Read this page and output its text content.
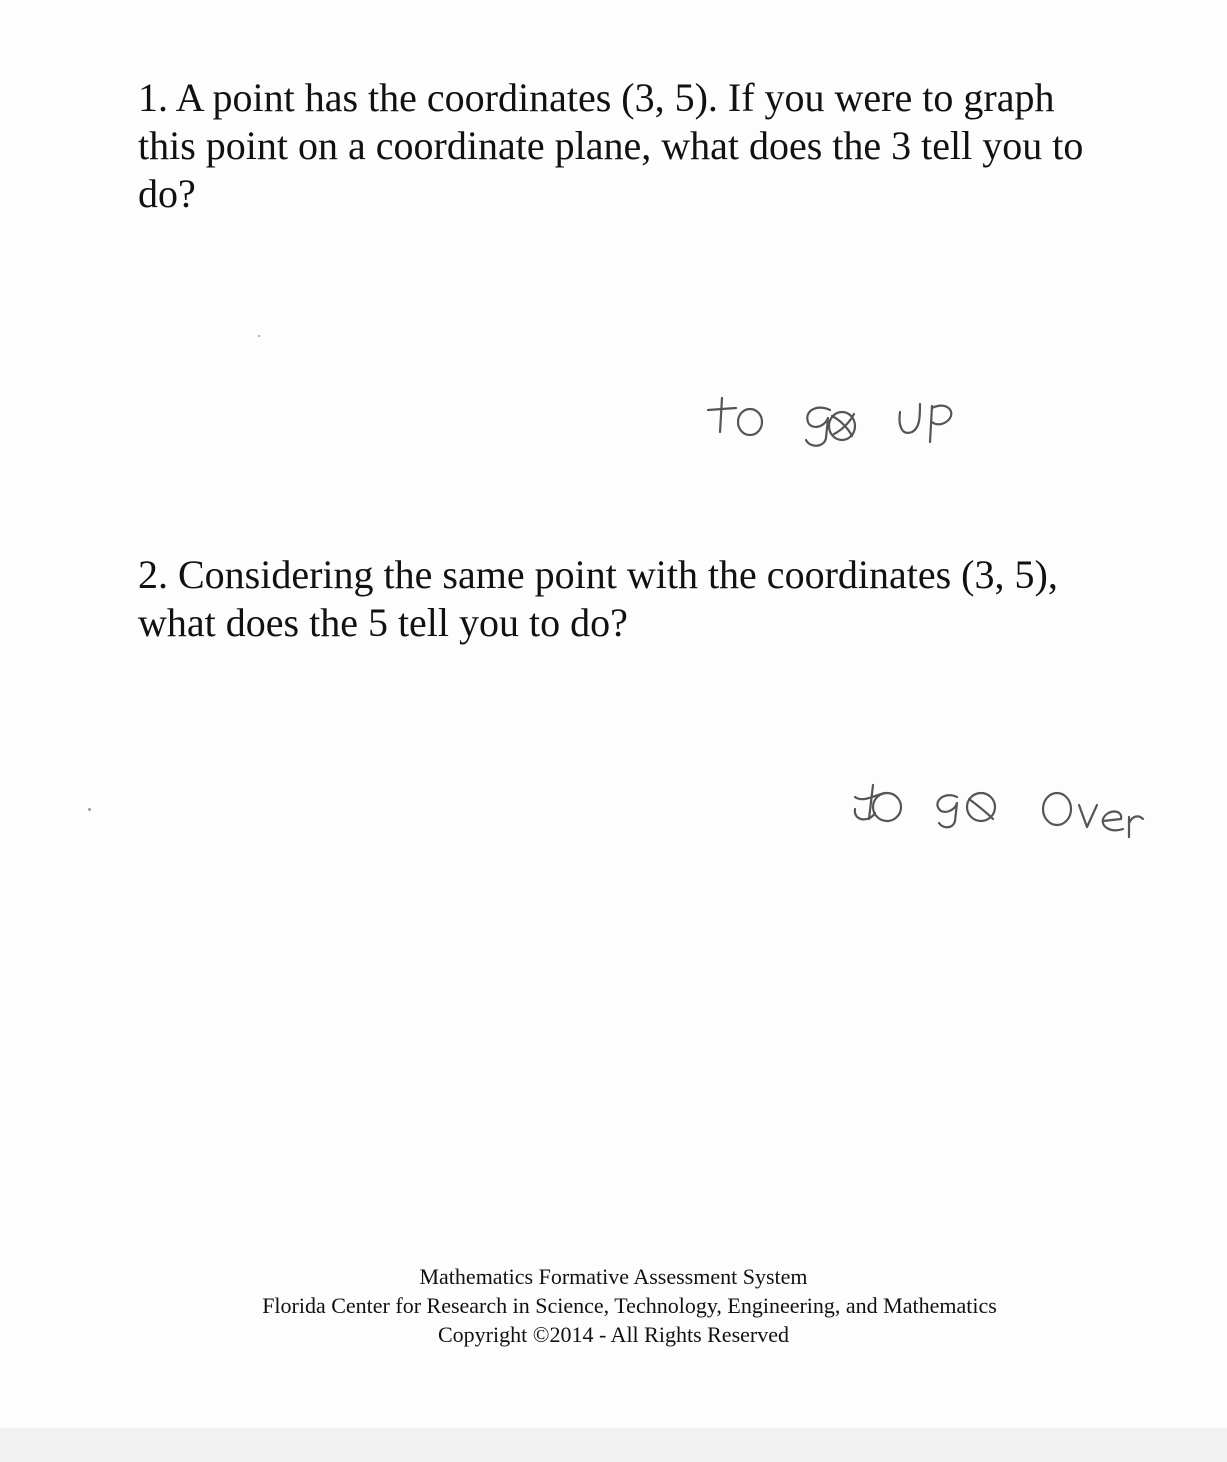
1. A point has the coordinates (3, 5). If you were to graph this point on a coordinate plane, what does the 3 tell you to do?

2. Considering the same point with the coordinates (3, 5), what does the 5 tell you to do?

Mathematics Formative Assessment System
Florida Center for Research in Science, Technology, Engineering, and Mathematics
Copyright ©2014 - All Rights Reserved
